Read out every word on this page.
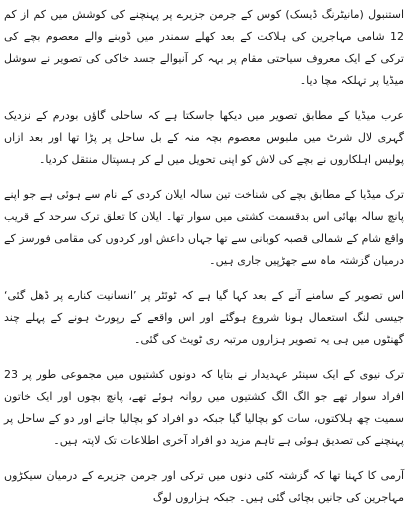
استنبول (مانیٹرنگ ڈیسک) کوس کے جرمن جزیرے پر پہنچنے کی کوشش میں کم از کم 12 شامی مہاجرین کی ہلاکت کے بعد کھلے سمندر میں ڈوبنے والے معصوم بچے کی ترکی کے ایک معروف سیاحتی مقام پر بہہ کر آنیوالے جسد خاکی کی تصویر نے سوشل میڈیا پر تہلکہ مچا دیا۔

عرب میڈیا کے مطابق تصویر میں دیکھا جاسکتا ہے کہ ساحلی گاؤں بودرم کے نزدیک گہری لال شرٹ میں ملبوس معصوم بچہ منہ کے بل ساحل پر پڑا تھا اور بعد ازاں پولیس اہلکاروں نے بچے کی لاش کو اپنی تحویل میں لے کر ہسپتال منتقل کردیا۔

ترک میڈیا کے مطابق بچے کی شناخت تین سالہ ایلان کردی کے نام سے ہوئی ہے جو اپنے پانچ سالہ بھائی اس بدقسمت کشتی میں سوار تھا۔ ایلان کا تعلق ترک سرحد کے قریب واقع شام کے شمالی قصبہ کوبانی سے تھا جہاں داعش اور کردوں کی مقامی فورسز کے درمیان گزشتہ ماہ سے جھڑپیں جاری ہیں۔

اس تصویر کے سامنے آنے کے بعد کہا گیا ہے کہ ٹوئٹر پر ’انسانیت کنارے پر ڈھل گئی‘ جیسی لنگ استعمال ہونا شروع ہوگئے اور اس واقعے کے رپورٹ ہونے کے پہلے چند گھنٹوں میں ہی یہ تصویر ہزاروں مرتبہ ری ٹویٹ کی گئی۔

ترک نیوی کے ایک سینئر عہدیدار نے بتایا کہ دونوں کشتیوں میں مجموعی طور پر 23 افراد سوار تھے جو الگ الگ کشتیوں میں روانہ ہوئے تھے، پانچ بچوں اور ایک خاتون سمیت چھ ہلاکتوں، سات کو بچالیا گیا جبکہ دو افراد کو بچالیا جانے اور دو کے ساحل پر پہنچنے کی تصدیق ہوئی ہے تاہم مزید دو افراد آخری اطلاعات تک لاپتہ ہیں۔

آرمی کا کہنا تھا کہ گزشتہ کئی دنوں میں ترکی اور جرمن جزیرے کے درمیان سیکڑوں مہاجرین کی جانیں بچائی گئی ہیں۔ جبکہ ہزاروں لوگ
